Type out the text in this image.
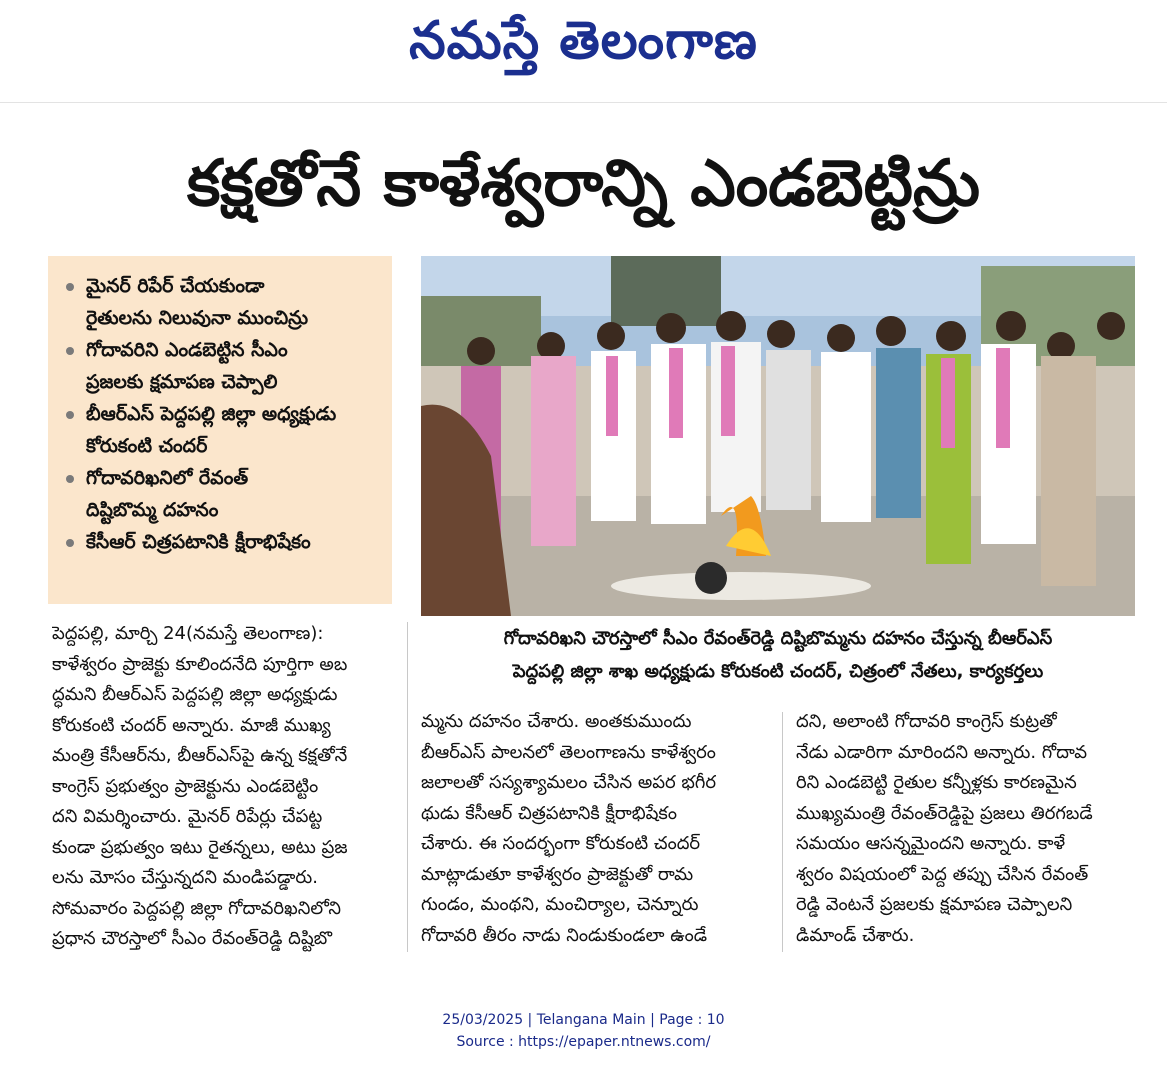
నమస్తే తెలంగాణ
కక్షతోనే కాళేశ్వరాన్ని ఎండబెట్టిన్రు
మైనర్ రిపేర్ చేయకుండా
రైతులను నిలువునా ముంచిన్రు
గోదావరిని ఎండబెట్టిన సీఎం
ప్రజలకు క్షమాపణ చెప్పాలి
బీఆర్ఎస్ పెద్దపల్లి జిల్లా అధ్యక్షుడు
కోరుకంటి చందర్
గోదావరిఖనిలో రేవంత్
దిష్టిబొమ్మ దహనం
కేసీఆర్ చిత్రపటానికి క్షీరాభిషేకం
గోదావరిఖని చౌరస్తాలో సీఎం రేవంత్‌రెడ్డి దిష్టిబొమ్మను దహనం చేస్తున్న బీఆర్ఎస్
పెద్దపల్లి జిల్లా శాఖ అధ్యక్షుడు కోరుకంటి చందర్, చిత్రంలో నేతలు, కార్యకర్తలు
పెద్దపల్లి, మార్చి 24(నమస్తే తెలంగాణ):
కాళేశ్వరం ప్రాజెక్టు కూలిందనేది పూర్తిగా అబ
ద్ధమని బీఆర్ఎస్ పెద్దపల్లి జిల్లా అధ్యక్షుడు
కోరుకంటి చందర్ అన్నారు. మాజీ ముఖ్య
మంత్రి కేసీఆర్‌ను, బీఆర్ఎస్‌పై ఉన్న కక్షతోనే
కాంగ్రెస్ ప్రభుత్వం ప్రాజెక్టును ఎండబెట్టిం
దని విమర్శించారు. మైనర్ రిపేర్లు చేపట్ట
కుండా ప్రభుత్వం ఇటు రైతన్నలు, అటు ప్రజ
లను మోసం చేస్తున్నదని మండిపడ్డారు.
సోమవారం పెద్దపల్లి జిల్లా గోదావరిఖనిలోని
ప్రధాన చౌరస్తాలో సీఎం రేవంత్‌రెడ్డి దిష్టిబొ
మ్మను దహనం చేశారు. అంతకుముందు
బీఆర్ఎస్ పాలనలో తెలంగాణను కాళేశ్వరం
జలాలతో సస్యశ్యామలం చేసిన అపర భగీర
థుడు కేసీఆర్ చిత్రపటానికి క్షీరాభిషేకం
చేశారు. ఈ సందర్భంగా కోరుకంటి చందర్
మాట్లాడుతూ కాళేశ్వరం ప్రాజెక్టుతో రామ
గుండం, మంథని, మంచిర్యాల, చెన్నూరు
గోదావరి తీరం నాడు నిండుకుండలా ఉండే
దని, అలాంటి గోదావరి కాంగ్రెస్ కుట్రతో
నేడు ఎడారిగా మారిందని అన్నారు. గోదావ
రిని ఎండబెట్టి రైతుల కన్నీళ్లకు కారణమైన
ముఖ్యమంత్రి రేవంత్‌రెడ్డిపై ప్రజలు తిరగబడే
సమయం ఆసన్నమైందని అన్నారు. కాళే
శ్వరం విషయంలో పెద్ద తప్పు చేసిన రేవంత్
రెడ్డి వెంటనే ప్రజలకు క్షమాపణ చెప్పాలని
డిమాండ్ చేశారు.
25/03/2025 | Telangana Main | Page : 10
Source : https://epaper.ntnews.com/
